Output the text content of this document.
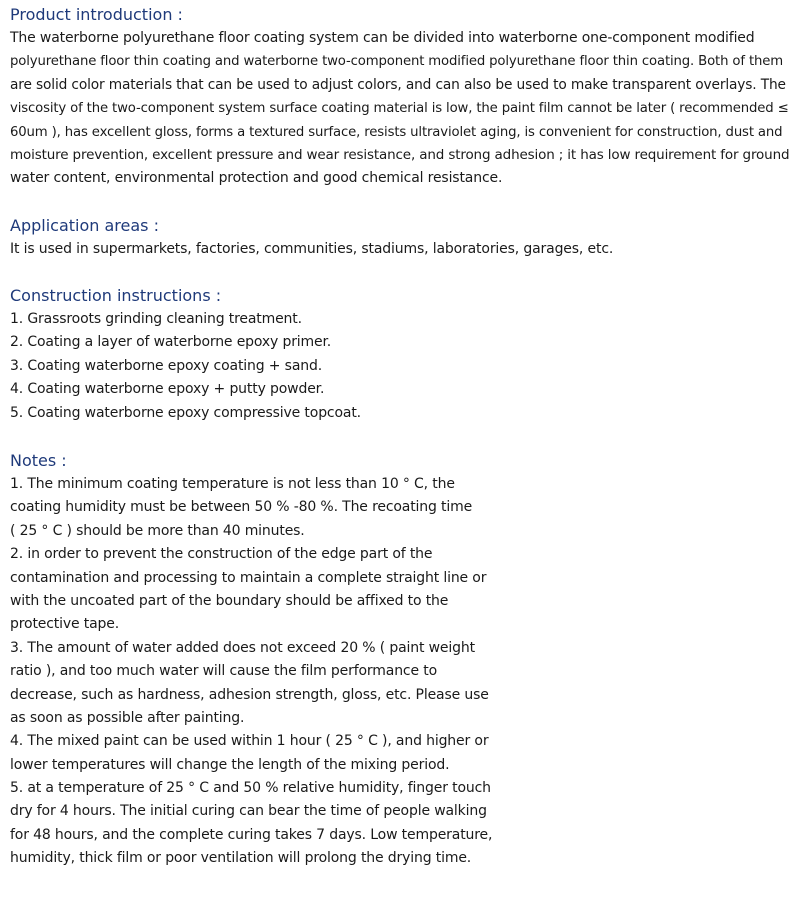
Product introduction :

The waterborne polyurethane floor coating system can be divided into waterborne one-component modified

polyurethane floor thin coating and waterborne two-component modified polyurethane floor thin coating. Both of them

are solid color materials that can be used to adjust colors, and can also be used to make transparent overlays. The

viscosity of the two-component system surface coating material is low, the paint film cannot be later ( recommended ≤

60um ), has excellent gloss, forms a textured surface, resists ultraviolet aging, is convenient for construction, dust and

moisture prevention, excellent pressure and wear resistance, and strong adhesion ; it has low requirement for ground

water content, environmental protection and good chemical resistance.

Application areas :

It is used in supermarkets, factories, communities, stadiums, laboratories, garages, etc.

Construction instructions :

1. Grassroots grinding cleaning treatment.

2. Coating a layer of waterborne epoxy primer.

3. Coating waterborne epoxy coating + sand.

4. Coating waterborne epoxy + putty powder.

5. Coating waterborne epoxy compressive topcoat.

Notes :

1. The minimum coating temperature is not less than 10 ° C, the

coating humidity must be between 50 % -80 %. The recoating time

( 25 ° C ) should be more than 40 minutes.

2. in order to prevent the construction of the edge part of the

contamination and processing to maintain a complete straight line or

with the uncoated part of the boundary should be affixed to the

protective tape.

3. The amount of water added does not exceed 20 % ( paint weight

ratio ), and too much water will cause the film performance to

decrease, such as hardness, adhesion strength, gloss, etc. Please use

as soon as possible after painting.

4. The mixed paint can be used within 1 hour ( 25 ° C ), and higher or

lower temperatures will change the length of the mixing period.

5. at a temperature of 25 ° C and 50 % relative humidity, finger touch

dry for 4 hours. The initial curing can bear the time of people walking

for 48 hours, and the complete curing takes 7 days. Low temperature,

humidity, thick film or poor ventilation will prolong the drying time.
